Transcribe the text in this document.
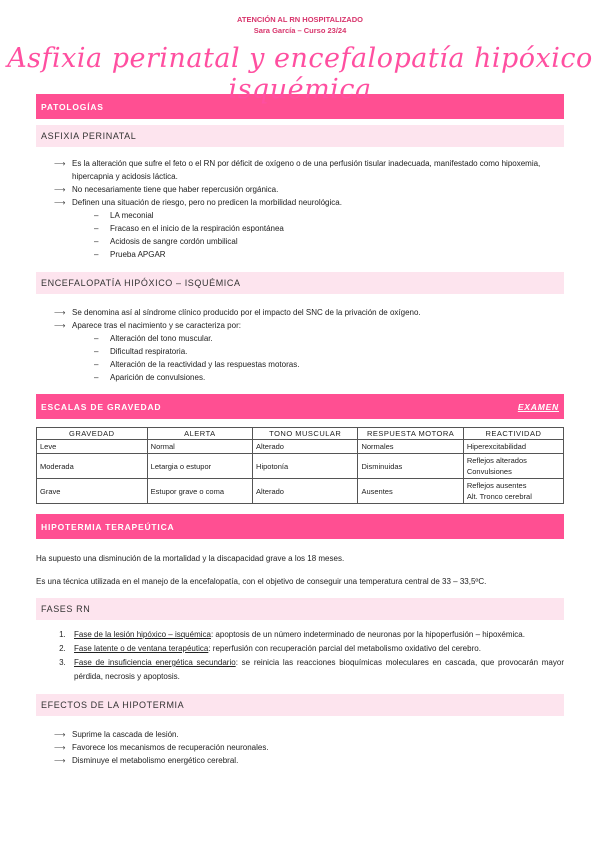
ATENCIÓN AL RN HOSPITALIZADO
Sara García – Curso 23/24
Asfixia perinatal y encefalopatía hipóxico isquémica
PATOLOGÍAS
ASFIXIA PERINATAL
⟶ Es la alteración que sufre el feto o el RN por déficit de oxígeno o de una perfusión tisular inadecuada, manifestado como hipoxemia, hipercapnia y acidosis láctica.
⟶ No necesariamente tiene que haber repercusión orgánica.
⟶ Definen una situación de riesgo, pero no predicen la morbilidad neurológica.
– LA meconial
– Fracaso en el inicio de la respiración espontánea
– Acidosis de sangre cordón umbilical
– Prueba APGAR
ENCEFALOPATÍA HIPÓXICO – ISQUÉMICA
⟶ Se denomina así al síndrome clínico producido por el impacto del SNC de la privación de oxígeno.
⟶ Aparece tras el nacimiento y se caracteriza por:
– Alteración del tono muscular.
– Dificultad respiratoria.
– Alteración de la reactividad y las respuestas motoras.
– Aparición de convulsiones.
ESCALAS DE GRAVEDAD	EXAMEN
GRAVEDAD	ALERTA	TONO MUSCULAR	RESPUESTA MOTORA	REACTIVIDAD
Leve	Normal	Alterado	Normales	Hiperexcitabilidad
Moderada	Letargia o estupor	Hipotonía	Disminuidas	Reflejos alterados
Convulsiones

Grave	Estupor grave o coma	Alterado	Ausentes	Reflejos ausentes
Alt. Tronco cerebral
HIPOTERMIA TERAPEÚTICA

Ha supuesto una disminución de la mortalidad y la discapacidad grave a los 18 meses.

Es una técnica utilizada en el manejo de la encefalopatía, con el objetivo de conseguir una temperatura central de 33 – 33,5ºC.

FASES RN
1. Fase de la lesión hipóxico – isquémica: apoptosis de un número indeterminado de neuronas por la hipoperfusión – hipoxémica.
2. Fase latente o de ventana terapéutica: reperfusión con recuperación parcial del metabolismo oxidativo del cerebro.
3. Fase de insuficiencia energética secundario: se reinicia las reacciones bioquímicas moleculares en cascada, que provocarán mayor pérdida, necrosis y apoptosis.
EFECTOS DE LA HIPOTERMIA
⟶ Suprime la cascada de lesión.
⟶ Favorece los mecanismos de recuperación neuronales.
⟶ Disminuye el metabolismo energético cerebral.
